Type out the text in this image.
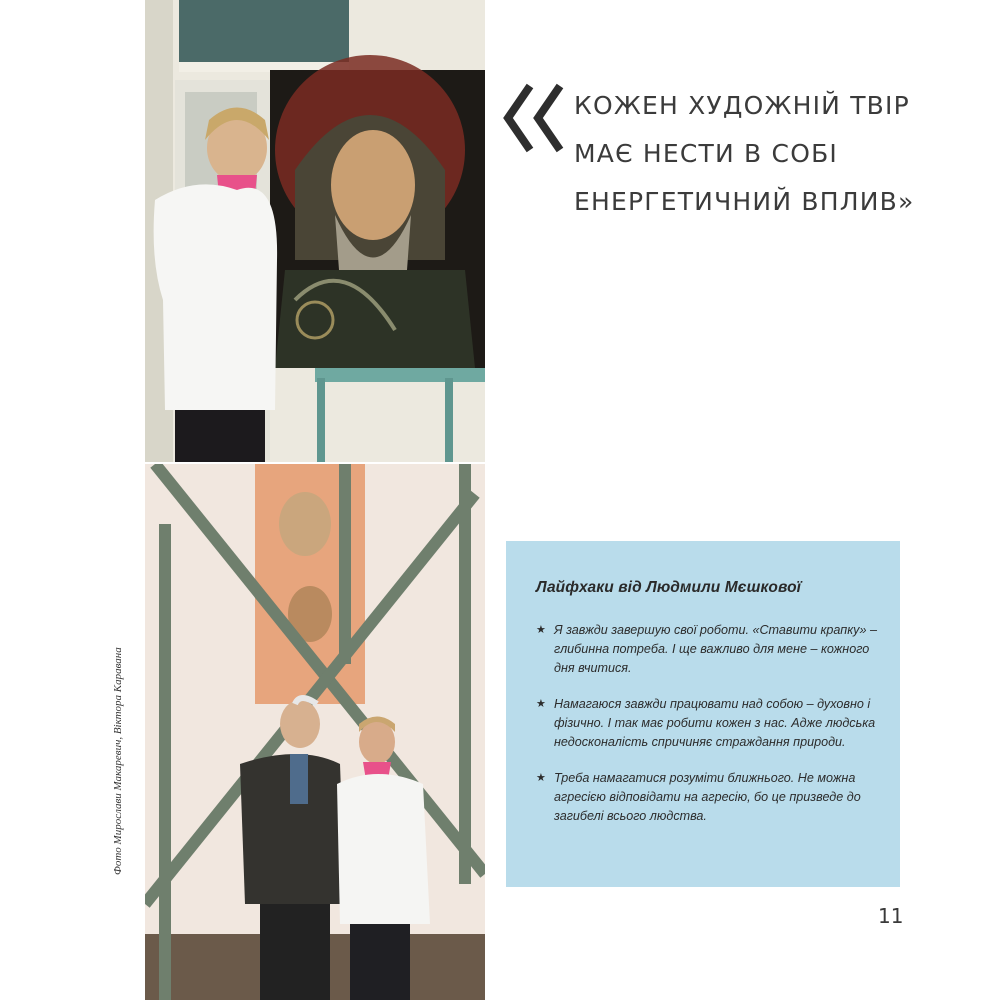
Фото Мирослави Макаревич, Віктора Каравана

КОЖЕН ХУДОЖНІЙ ТВІР
МАЄ НЕСТИ В СОБІ
ЕНЕРГЕТИЧНИЙ ВПЛИВ»

Лайфхаки від Людмили Мєшкової
★ Я завжди завершую свої роботи. «Ставити крапку» – глибинна потреба. І ще важливо для мене – кожного дня вчитися.
★ Намагаюся завжди працювати над собою – духовно і фізично. І так має робити кожен з нас. Адже людська недосконалість спричиняє страждання природи.
★ Треба намагатися розуміти ближнього. Не можна агресією відповідати на агресію, бо це призведе до загибелі всього людства.
11
